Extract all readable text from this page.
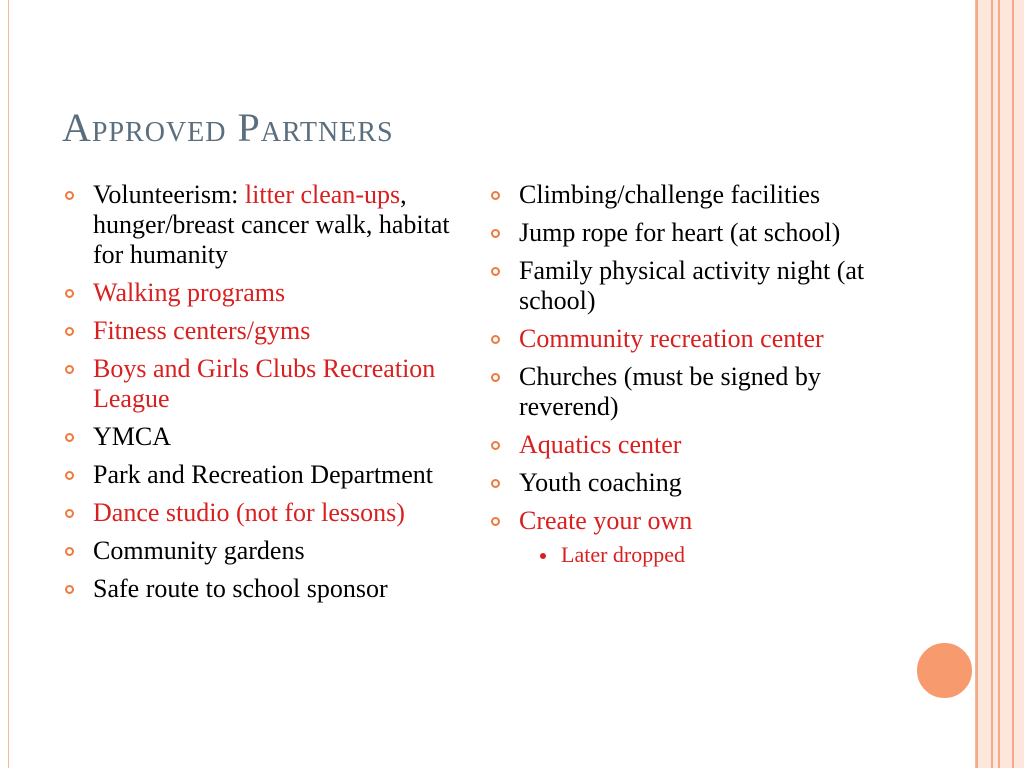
Approved Partners
Volunteerism: litter clean-ups, hunger/breast cancer walk, habitat for humanity
Walking programs
Fitness centers/gyms
Boys and Girls Clubs Recreation League
YMCA
Park and Recreation Department
Dance studio (not for lessons)
Community gardens
Safe route to school sponsor
Climbing/challenge facilities
Jump rope for heart (at school)
Family physical activity night (at school)
Community recreation center
Churches (must be signed by reverend)
Aquatics center
Youth coaching
Create your own
Later dropped
